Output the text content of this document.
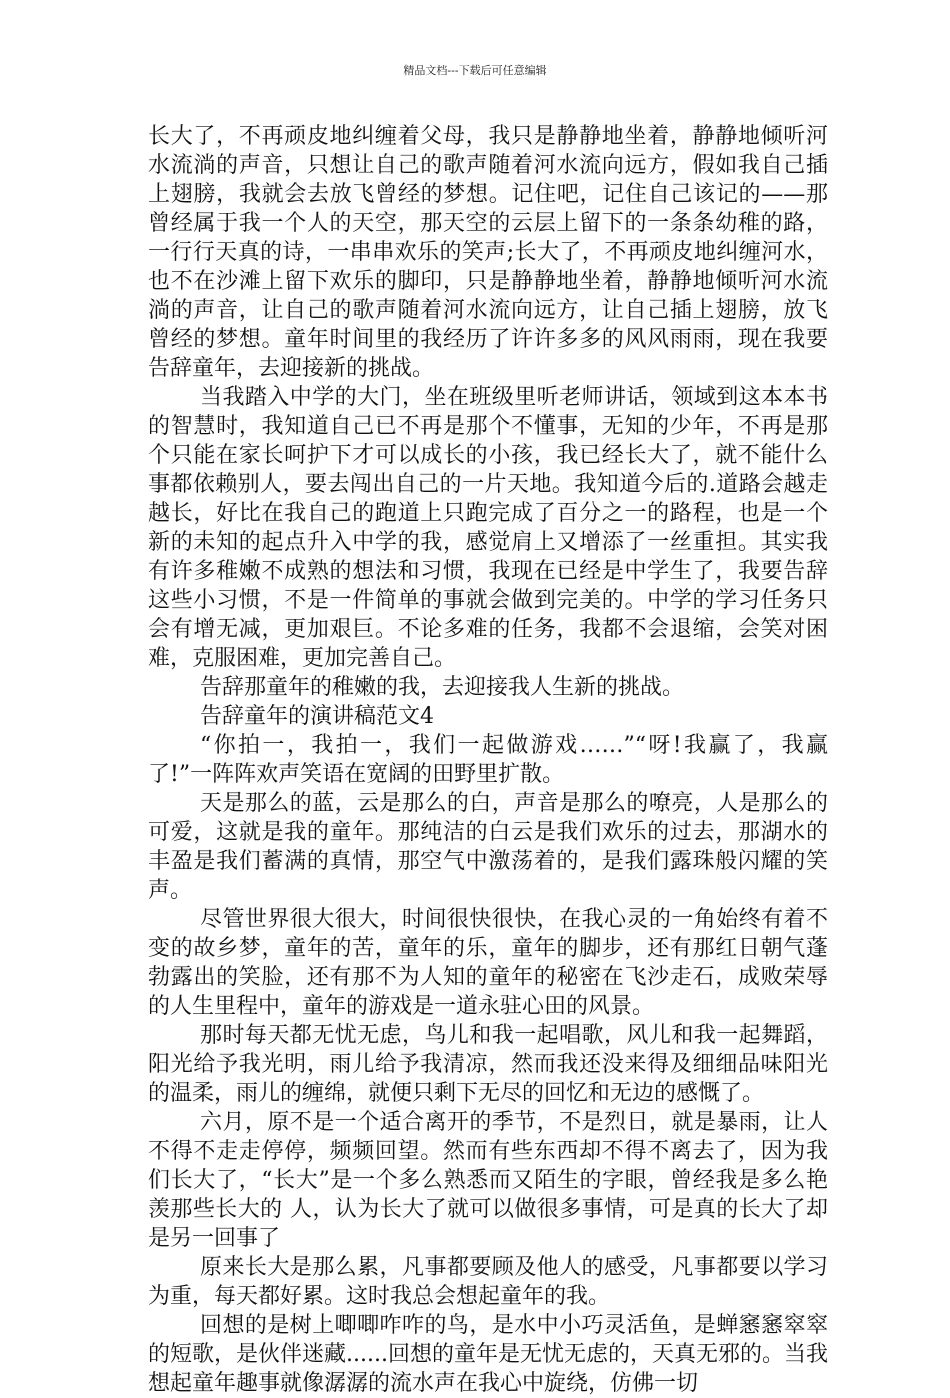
精品文档---下载后可任意编辑

长大了，不再顽皮地纠缠着父母，我只是静静地坐着，静静地倾听河水流淌的声音，只想让自己的歌声随着河水流向远方，假如我自己插上翅膀，我就会去放飞曾经的梦想。记住吧，记住自己该记的——那曾经属于我一个人的天空，那天空的云层上留下的一条条幼稚的路，一行行天真的诗，一串串欢乐的笑声;长大了，不再顽皮地纠缠河水，也不在沙滩上留下欢乐的脚印，只是静静地坐着，静静地倾听河水流淌的声音，让自己的歌声随着河水流向远方，让自己插上翅膀，放飞曾经的梦想。童年时间里的我经历了许许多多的风风雨雨，现在我要告辞童年，去迎接新的挑战。

当我踏入中学的大门，坐在班级里听老师讲话，领域到这本本书的智慧时，我知道自己已不再是那个不懂事，无知的少年，不再是那个只能在家长呵护下才可以成长的小孩，我已经长大了，就不能什么事都依赖别人，要去闯出自己的一片天地。我知道今后的.道路会越走越长，好比在我自己的跑道上只跑完成了百分之一的路程，也是一个新的未知的起点升入中学的我，感觉肩上又增添了一丝重担。其实我有许多稚嫩不成熟的想法和习惯，我现在已经是中学生了，我要告辞这些小习惯，不是一件简单的事就会做到完美的。中学的学习任务只会有增无减，更加艰巨。不论多难的任务，我都不会退缩，会笑对困难，克服困难，更加完善自己。

告辞那童年的稚嫩的我，去迎接我人生新的挑战。

告辞童年的演讲稿范文4

“你拍一，我拍一，我们一起做游戏……”“呀!我赢了，我赢了!”一阵阵欢声笑语在宽阔的田野里扩散。

天是那么的蓝，云是那么的白，声音是那么的嘹亮，人是那么的可爱，这就是我的童年。那纯洁的白云是我们欢乐的过去，那湖水的丰盈是我们蓄满的真情，那空气中激荡着的，是我们露珠般闪耀的笑声。

尽管世界很大很大，时间很快很快，在我心灵的一角始终有着不变的故乡梦，童年的苦，童年的乐，童年的脚步，还有那红日朝气蓬勃露出的笑脸，还有那不为人知的童年的秘密在飞沙走石，成败荣辱的人生里程中，童年的游戏是一道永驻心田的风景。

那时每天都无忧无虑，鸟儿和我一起唱歌，风儿和我一起舞蹈，阳光给予我光明，雨儿给予我清凉，然而我还没来得及细细品味阳光的温柔，雨儿的缠绵，就便只剩下无尽的回忆和无边的感慨了。

六月，原不是一个适合离开的季节，不是烈日，就是暴雨，让人不得不走走停停，频频回望。然而有些东西却不得不离去了，因为我们长大了，“长大”是一个多么熟悉而又陌生的字眼，曾经我是多么艳羡那些长大的 人，认为长大了就可以做很多事情，可是真的长大了却是另一回事了

原来长大是那么累，凡事都要顾及他人的感受，凡事都要以学习为重，每天都好累。这时我总会想起童年的我。

回想的是树上唧唧咋咋的鸟，是水中小巧灵活鱼，是蝉窸窸窣窣的短歌，是伙伴迷藏......回想的童年是无忧无虑的，天真无邪的。当我想起童年趣事就像潺潺的流水声在我心中旋绕，仿佛一切
